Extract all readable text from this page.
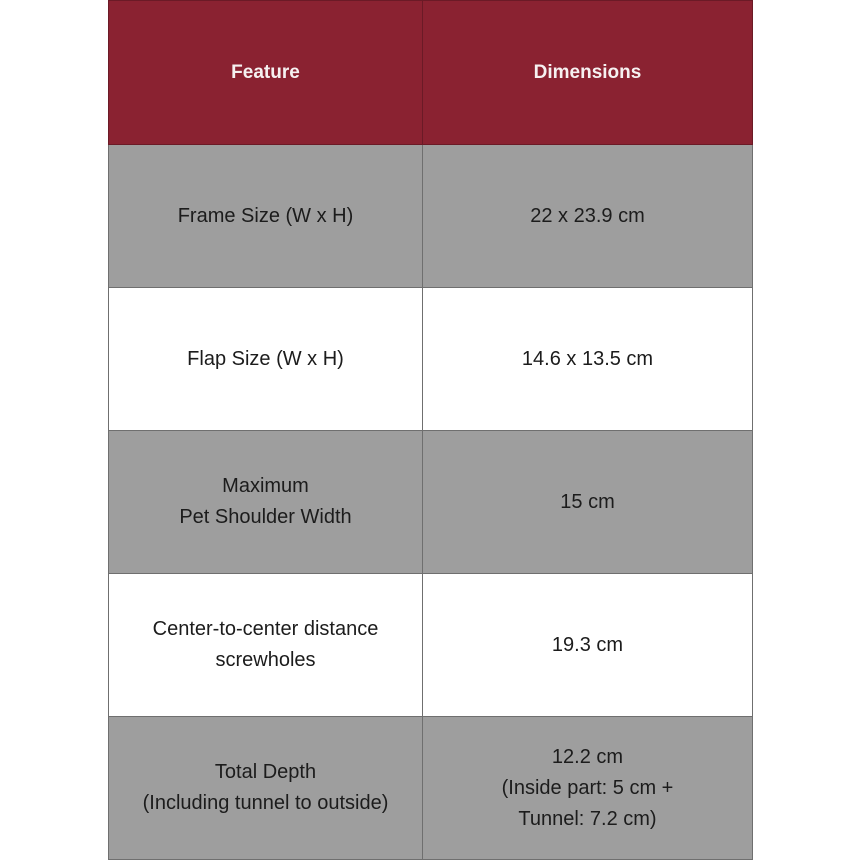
Feature	Dimensions

Frame Size (W x H)	22 x 23.9 cm

Flap Size (W x H)	14.6 x 13.5 cm

Maximum
Pet Shoulder Width	15 cm

Center-to-center distance
screwholes	19.3 cm

Total Depth
(Including tunnel to outside)	12.2 cm
(Inside part: 5 cm +
Tunnel: 7.2 cm)
